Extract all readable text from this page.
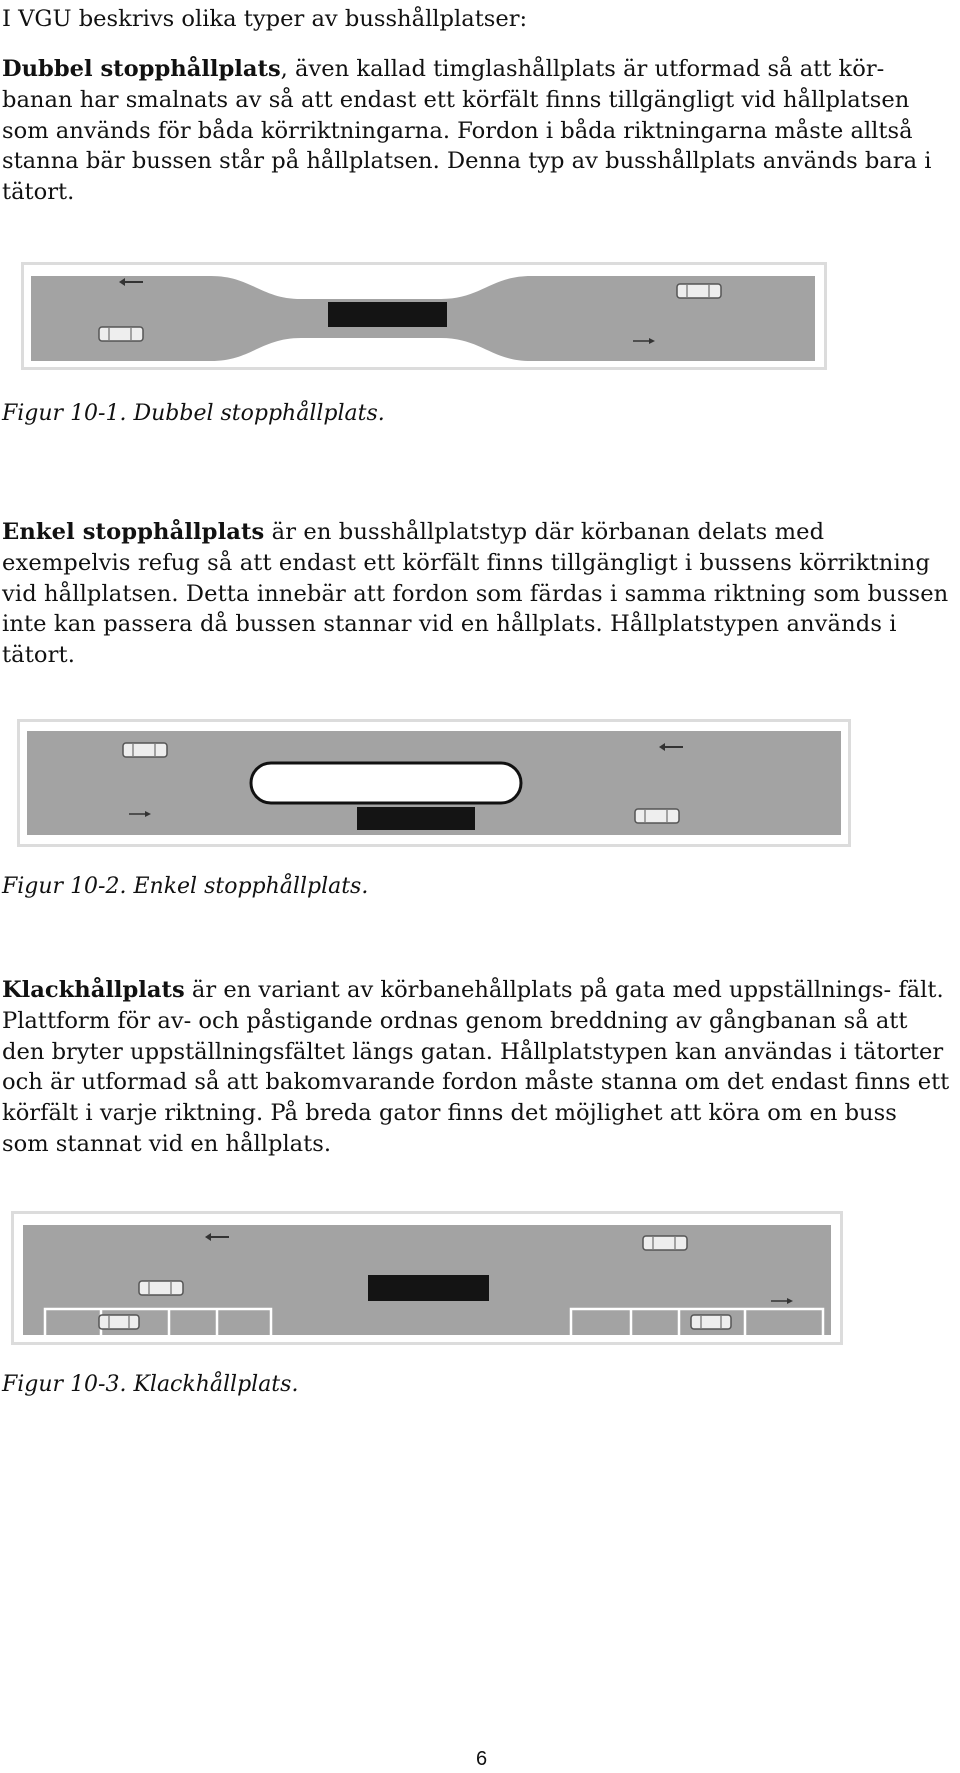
I VGU beskrivs olika typer av busshållplatser:

Dubbel stopphållplats, även kallad timglashållplats är utformad så att kör- banan har smalnats av så att endast ett körfält finns tillgängligt vid hållplatsen som används för båda körriktningarna. Fordon i båda riktningarna måste alltså stanna bär bussen står på hållplatsen. Denna typ av busshållplats används bara i tätort.

Figur 10-1. Dubbel stopphållplats.

Enkel stopphållplats är en busshållplatstyp där körbanan delats med exempelvis refug så att endast ett körfält finns tillgängligt i bussens körriktning vid hållplatsen. Detta innebär att fordon som färdas i samma riktning som bussen inte kan passera då bussen stannar vid en hållplats. Hållplatstypen används i tätort.

Figur 10-2. Enkel stopphållplats.

Klackhållplats är en variant av körbanehållplats på gata med uppställnings- fält. Plattform för av- och påstigande ordnas genom breddning av gångbanan så att den bryter uppställningsfältet längs gatan. Hållplatstypen kan användas i tätorter och är utformad så att bakomvarande fordon måste stanna om det endast finns ett körfält i varje riktning. På breda gator finns det möjlighet att köra om en buss som stannat vid en hållplats.

Figur 10-3. Klackhållplats.

6
